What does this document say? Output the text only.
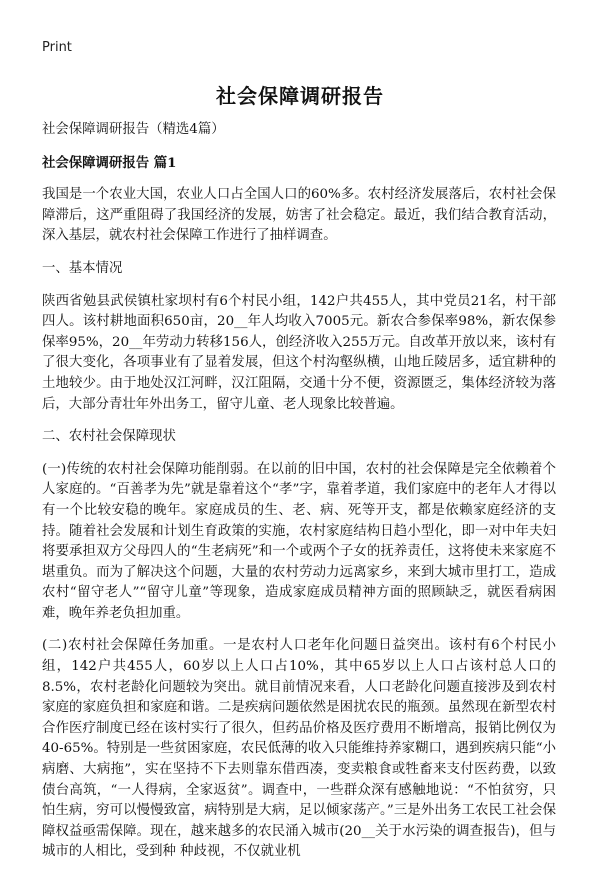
Print
社会保障调研报告

社会保障调研报告（精选4篇）

社会保障调研报告 篇1

我国是一个农业大国，农业人口占全国人口的60%多。农村经济发展落后，农村社会保障滞后，这严重阻碍了我国经济的发展，妨害了社会稳定。最近，我们结合教育活动，深入基层，就农村社会保障工作进行了抽样调查。

一、基本情况

陕西省勉县武侯镇杜家坝村有6个村民小组，142户共455人，其中党员21名，村干部四人。该村耕地面积650亩，20__年人均收入7005元。新农合参保率98%，新农保参保率95%，20__年劳动力转移156人，创经济收入255万元。自改革开放以来，该村有了很大变化，各项事业有了显着发展，但这个村沟壑纵横，山地丘陵居多，适宜耕种的土地较少。由于地处汉江河畔，汉江阻隔，交通十分不便，资源匮乏，集体经济较为落后，大部分青壮年外出务工，留守儿童、老人现象比较普遍。

二、农村社会保障现状

(一)传统的农村社会保障功能削弱。在以前的旧中国，农村的社会保障是完全依赖着个人家庭的。“百善孝为先”就是靠着这个“孝”字，靠着孝道，我们家庭中的老年人才得以有一个比较安稳的晚年。家庭成员的生、老、病、死等开支，都是依赖家庭经济的支持。随着社会发展和计划生育政策的实施，农村家庭结构日趋小型化，即一对中年夫妇将要承担双方父母四人的“生老病死”和一个或两个子女的抚养责任，这将使未来家庭不堪重负。而为了解决这个问题，大量的农村劳动力远离家乡，来到大城市里打工，造成农村“留守老人”“留守儿童”等现象，造成家庭成员精神方面的照顾缺乏，就医看病困难，晚年养老负担加重。

(二)农村社会保障任务加重。一是农村人口老年化问题日益突出。该村有6个村民小组，142户共455人，60岁以上人口占10%，其中65岁以上人口占该村总人口的8.5%，农村老龄化问题较为突出。就目前情况来看，人口老龄化问题直接涉及到农村家庭的家庭负担和家庭和谐。二是疾病问题依然是困扰农民的瓶颈。虽然现在新型农村合作医疗制度已经在该村实行了很久，但药品价格及医疗费用不断增高，报销比例仅为40-65%。特别是一些贫困家庭，农民低薄的收入只能维持养家糊口，遇到疾病只能“小病磨、大病拖”，实在坚持不下去则靠东借西凑，变卖粮食或牲畜来支付医药费，以致债台高筑，“一人得病，全家返贫”。调查中，一些群众深有感触地说：“不怕贫穷，只怕生病，穷可以慢慢致富，病特别是大病，足以倾家荡产。”三是外出务工农民工社会保障权益亟需保障。现在，越来越多的农民涌入城市(20__关于水污染的调查报告)，但与城市的人相比，受到种 种歧视，不仅就业机
